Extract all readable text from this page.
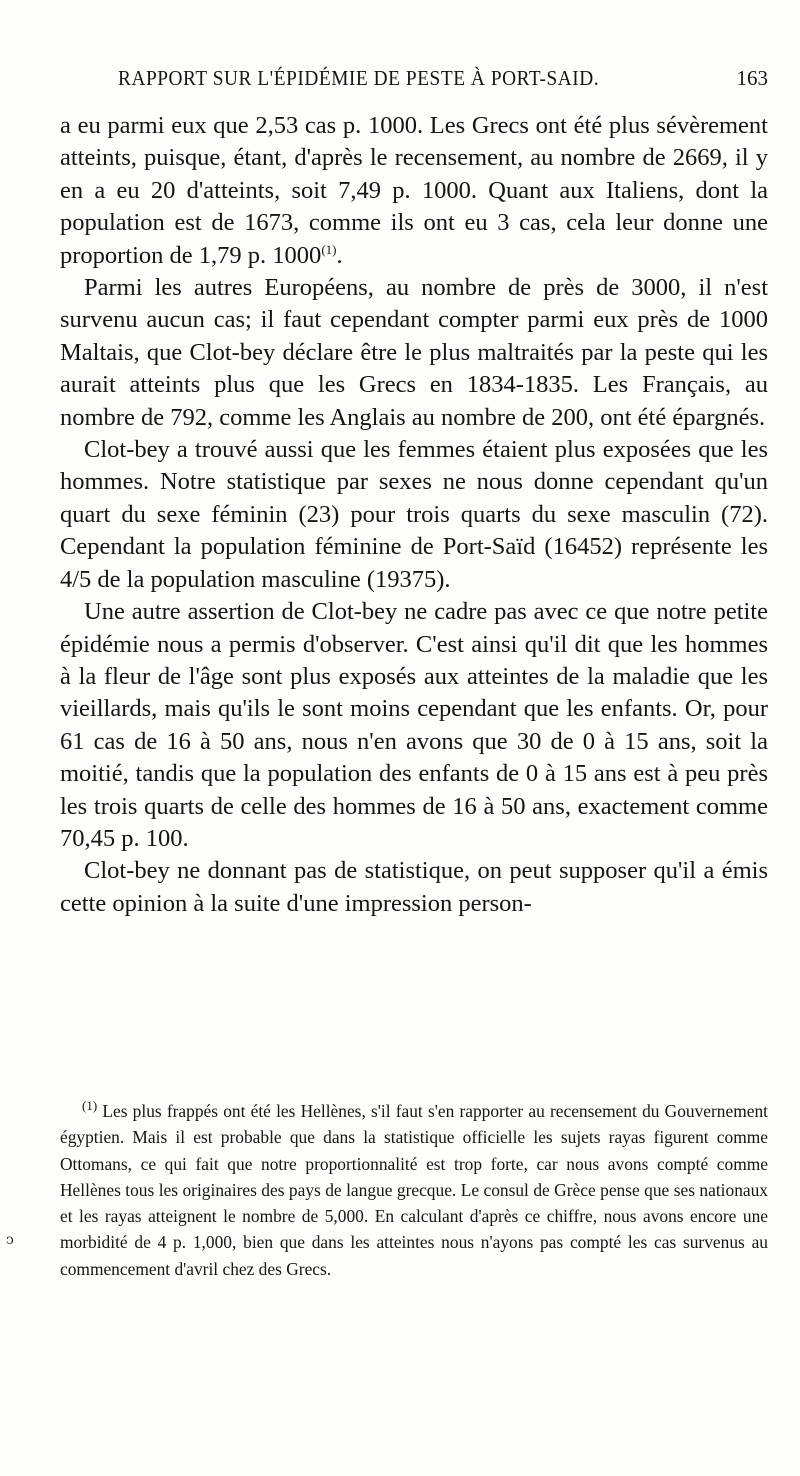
RAPPORT SUR L'ÉPIDÉMIE DE PESTE À PORT-SAID.	163

a eu parmi eux que 2,53 cas p. 1000. Les Grecs ont été plus sévèrement atteints, puisque, étant, d'après le recensement, au nombre de 2669, il y en a eu 20 d'atteints, soit 7,49 p. 1000. Quant aux Italiens, dont la population est de 1673, comme ils ont eu 3 cas, cela leur donne une proportion de 1,79 p. 1000$^{(1)}$.

Parmi les autres Européens, au nombre de près de 3000, il n'est survenu aucun cas; il faut cependant compter parmi eux près de 1000 Maltais, que Clot-bey déclare être le plus maltraités par la peste qui les aurait atteints plus que les Grecs en 1834-1835. Les Français, au nombre de 792, comme les Anglais au nombre de 200, ont été épargnés.

Clot-bey a trouvé aussi que les femmes étaient plus exposées que les hommes. Notre statistique par sexes ne nous donne cependant qu'un quart du sexe féminin (23) pour trois quarts du sexe masculin (72). Cependant la population féminine de Port-Saïd (16452) représente les 4/5 de la population masculine (19375).

Une autre assertion de Clot-bey ne cadre pas avec ce que notre petite épidémie nous a permis d'observer. C'est ainsi qu'il dit que les hommes à la fleur de l'âge sont plus exposés aux atteintes de la maladie que les vieillards, mais qu'ils le sont moins cependant que les enfants. Or, pour 61 cas de 16 à 50 ans, nous n'en avons que 30 de 0 à 15 ans, soit la moitié, tandis que la population des enfants de 0 à 15 ans est à peu près les trois quarts de celle des hommes de 16 à 50 ans, exactement comme 70,45 p. 100.

Clot-bey ne donnant pas de statistique, on peut supposer qu'il a émis cette opinion à la suite d'une impression person-

$^{(1)}$ Les plus frappés ont été les Hellènes, s'il faut s'en rapporter au recensement du Gouvernement égyptien. Mais il est probable que dans la statistique officielle les sujets rayas figurent comme Ottomans, ce qui fait que notre proportionnalité est trop forte, car nous avons compté comme Hellènes tous les originaires des pays de langue grecque. Le consul de Grèce pense que ses nationaux et les rayas atteignent le nombre de 5,000. En calculant d'après ce chiffre, nous avons encore une morbidité de 4 p. 1,000, bien que dans les atteintes nous n'ayons pas compté les cas survenus au commencement d'avril chez des Grecs.

ↄ
